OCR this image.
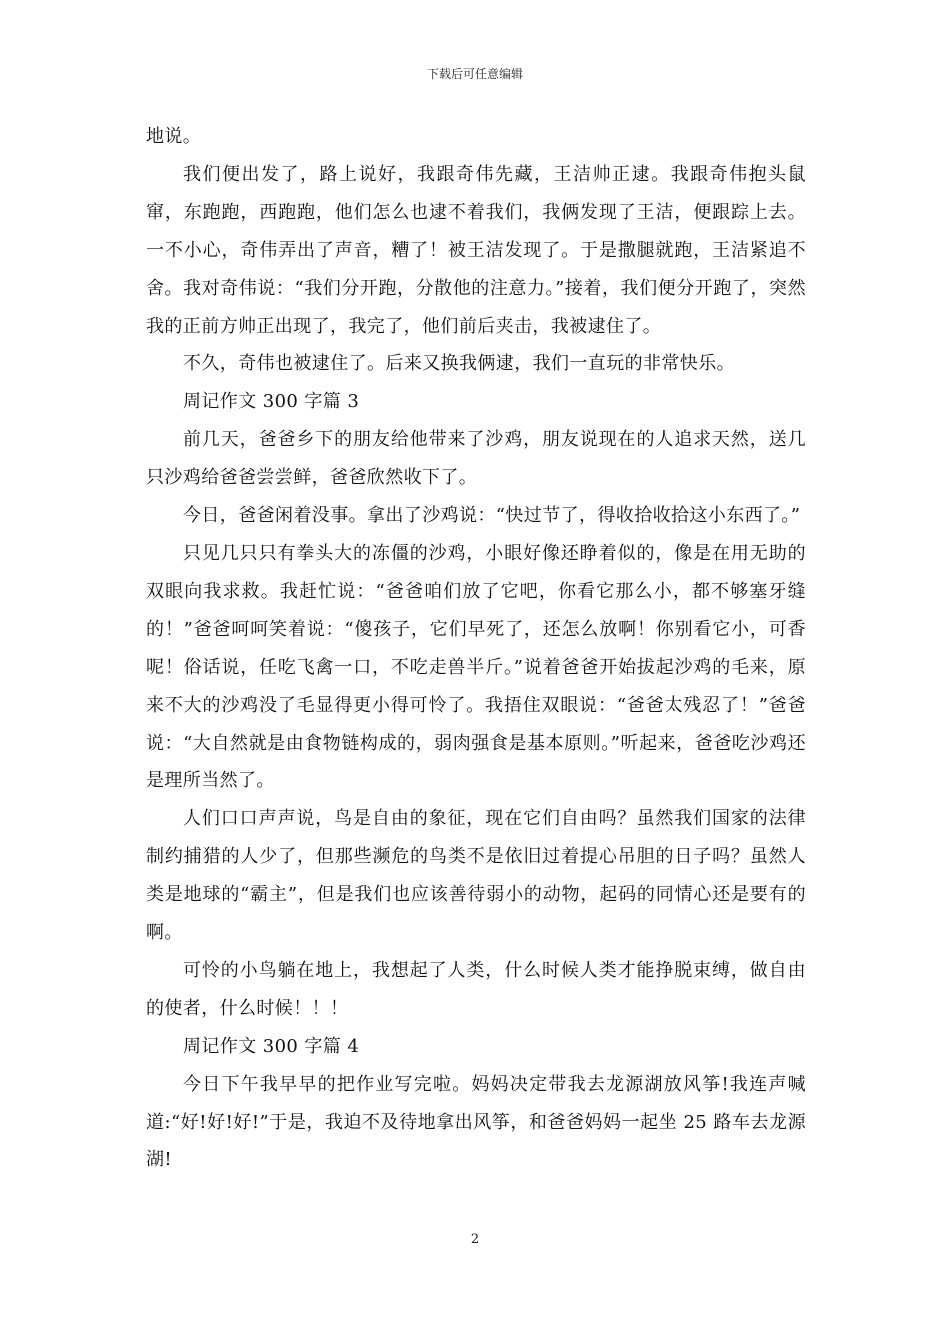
下载后可任意编辑

地说。

我们便出发了，路上说好，我跟奇伟先藏，王洁帅正逮。我跟奇伟抱头鼠窜，东跑跑，西跑跑，他们怎么也逮不着我们，我俩发现了王洁，便跟踪上去。一不小心，奇伟弄出了声音，糟了！被王洁发现了。于是撒腿就跑，王洁紧追不舍。我对奇伟说：“我们分开跑，分散他的注意力。”接着，我们便分开跑了，突然我的正前方帅正出现了，我完了，他们前后夹击，我被逮住了。

不久，奇伟也被逮住了。后来又换我俩逮，我们一直玩的非常快乐。

周记作文 300 字篇 3

前几天，爸爸乡下的朋友给他带来了沙鸡，朋友说现在的人追求天然，送几只沙鸡给爸爸尝尝鲜，爸爸欣然收下了。

今日，爸爸闲着没事。拿出了沙鸡说：“快过节了，得收拾收拾这小东西了。”

只见几只只有拳头大的冻僵的沙鸡，小眼好像还睁着似的，像是在用无助的双眼向我求救。我赶忙说：“爸爸咱们放了它吧，你看它那么小，都不够塞牙缝的！”爸爸呵呵笑着说：“傻孩子，它们早死了，还怎么放啊！你别看它小，可香呢！俗话说，任吃飞禽一口，不吃走兽半斤。”说着爸爸开始拔起沙鸡的毛来，原来不大的沙鸡没了毛显得更小得可怜了。我捂住双眼说：“爸爸太残忍了！”爸爸说：“大自然就是由食物链构成的，弱肉强食是基本原则。”听起来，爸爸吃沙鸡还是理所当然了。

人们口口声声说，鸟是自由的象征，现在它们自由吗？虽然我们国家的法律制约捕猎的人少了，但那些濒危的鸟类不是依旧过着提心吊胆的日子吗？虽然人类是地球的“霸主”，但是我们也应该善待弱小的动物，起码的同情心还是要有的啊。

可怜的小鸟躺在地上，我想起了人类，什么时候人类才能挣脱束缚，做自由的使者，什么时候！！！

周记作文 300 字篇 4

今日下午我早早的把作业写完啦。妈妈决定带我去龙源湖放风筝!我连声喊道:“好!好!好!”于是，我迫不及待地拿出风筝，和爸爸妈妈一起坐 25 路车去龙源湖!

2
